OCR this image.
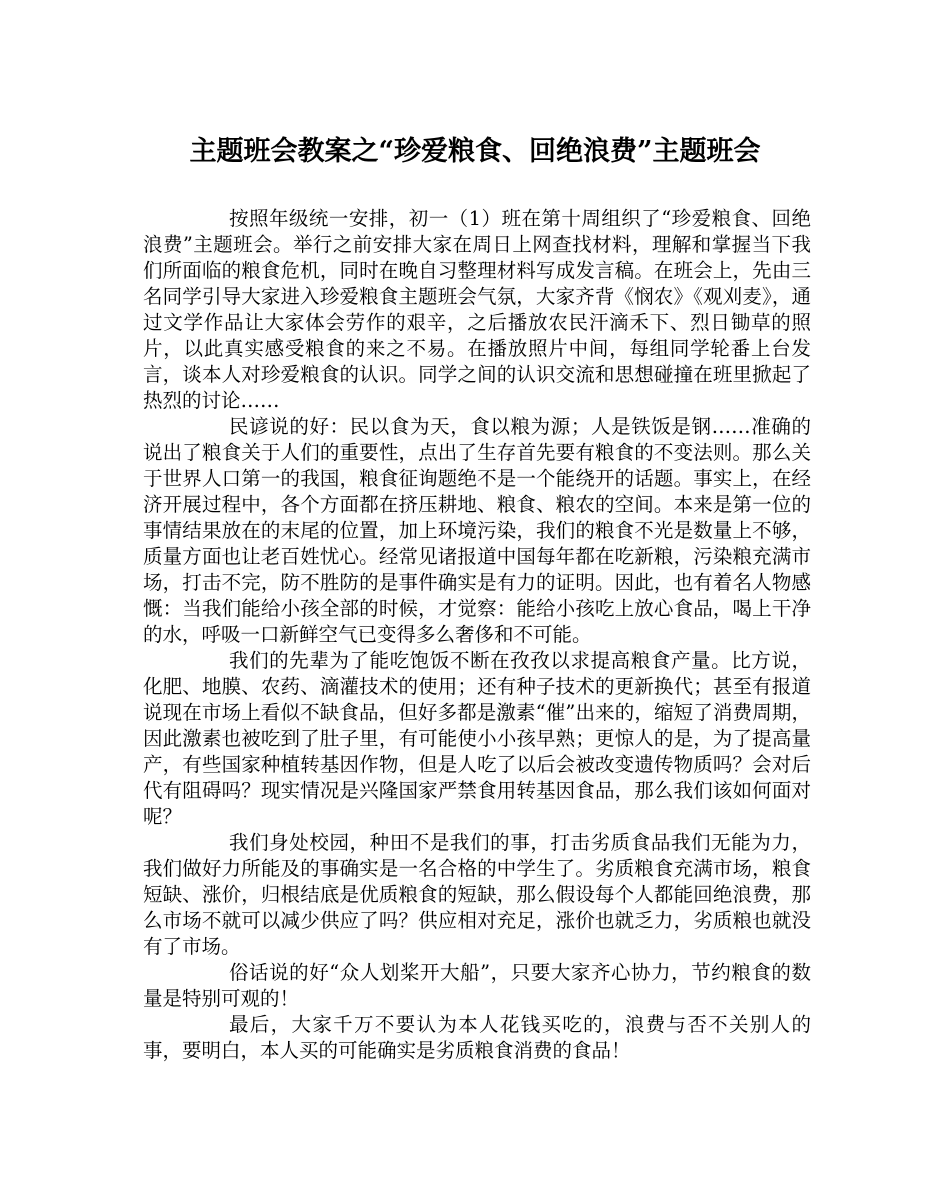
主题班会教案之“珍爱粮食、回绝浪费”主题班会

按照年级统一安排，初一（1）班在第十周组织了“珍爱粮食、回绝浪费”主题班会。举行之前安排大家在周日上网查找材料，理解和掌握当下我们所面临的粮食危机，同时在晚自习整理材料写成发言稿。在班会上，先由三名同学引导大家进入珍爱粮食主题班会气氛，大家齐背《悯农》《观刈麦》，通过文学作品让大家体会劳作的艰辛，之后播放农民汗滴禾下、烈日锄草的照片，以此真实感受粮食的来之不易。在播放照片中间，每组同学轮番上台发言，谈本人对珍爱粮食的认识。同学之间的认识交流和思想碰撞在班里掀起了热烈的讨论……

民谚说的好：民以食为天，食以粮为源；人是铁饭是钢……准确的说出了粮食关于人们的重要性，点出了生存首先要有粮食的不变法则。那么关于世界人口第一的我国，粮食征询题绝不是一个能绕开的话题。事实上，在经济开展过程中，各个方面都在挤压耕地、粮食、粮农的空间。本来是第一位的事情结果放在的末尾的位置，加上环境污染，我们的粮食不光是数量上不够，质量方面也让老百姓忧心。经常见诸报道中国每年都在吃新粮，污染粮充满市场，打击不完，防不胜防的是事件确实是有力的证明。因此，也有着名人物感慨：当我们能给小孩全部的时候，才觉察：能给小孩吃上放心食品，喝上干净的水，呼吸一口新鲜空气已变得多么奢侈和不可能。

我们的先辈为了能吃饱饭不断在孜孜以求提高粮食产量。比方说，化肥、地膜、农药、滴灌技术的使用；还有种子技术的更新换代；甚至有报道说现在市场上看似不缺食品，但好多都是激素“催”出来的，缩短了消费周期，因此激素也被吃到了肚子里，有可能使小小孩早熟；更惊人的是，为了提高量产，有些国家种植转基因作物，但是人吃了以后会被改变遗传物质吗？会对后代有阻碍吗？现实情况是兴隆国家严禁食用转基因食品，那么我们该如何面对呢？

我们身处校园，种田不是我们的事，打击劣质食品我们无能为力，我们做好力所能及的事确实是一名合格的中学生了。劣质粮食充满市场，粮食短缺、涨价，归根结底是优质粮食的短缺，那么假设每个人都能回绝浪费，那么市场不就可以减少供应了吗？供应相对充足，涨价也就乏力，劣质粮也就没有了市场。

俗话说的好“众人划桨开大船”，只要大家齐心协力，节约粮食的数量是特别可观的！

最后，大家千万不要认为本人花钱买吃的，浪费与否不关别人的事，要明白，本人买的可能确实是劣质粮食消费的食品！
